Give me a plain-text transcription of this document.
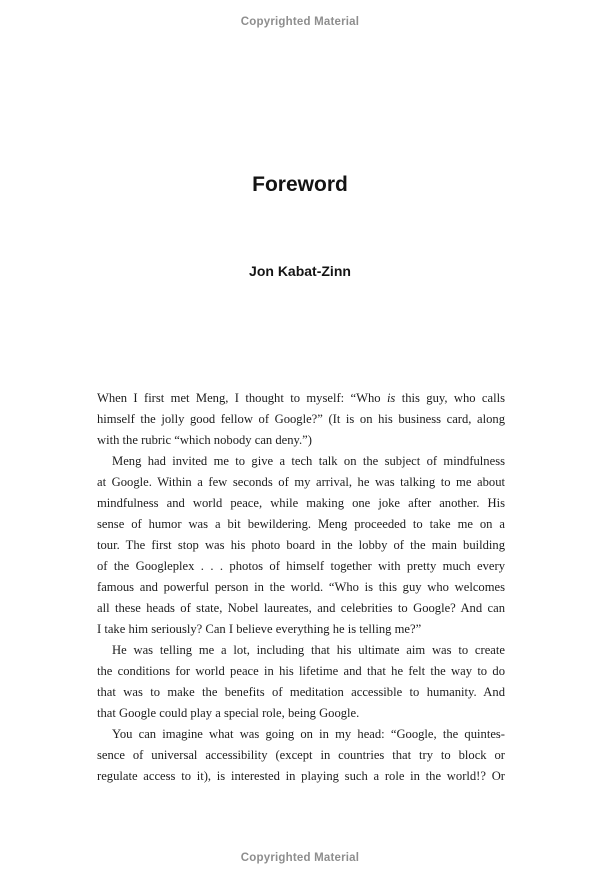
Copyrighted Material
Foreword
Jon Kabat-Zinn
When I first met Meng, I thought to myself: “Who is this guy, who calls
himself the jolly good fellow of Google?” (It is on his business card, along
with the rubric “which nobody can deny.”)
Meng had invited me to give a tech talk on the subject of mindfulness
at Google. Within a few seconds of my arrival, he was talking to me about
mindfulness and world peace, while making one joke after another. His
sense of humor was a bit bewildering. Meng proceeded to take me on a
tour. The first stop was his photo board in the lobby of the main building
of the Googleplex . . . photos of himself together with pretty much every
famous and powerful person in the world. “Who is this guy who welcomes
all these heads of state, Nobel laureates, and celebrities to Google? And can
I take him seriously? Can I believe everything he is telling me?”
He was telling me a lot, including that his ultimate aim was to create
the conditions for world peace in his lifetime and that he felt the way to do
that was to make the benefits of meditation accessible to humanity. And
that Google could play a special role, being Google.
You can imagine what was going on in my head: “Google, the quintes-
sence of universal accessibility (except in countries that try to block or
regulate access to it), is interested in playing such a role in the world!? Or
Copyrighted Material
